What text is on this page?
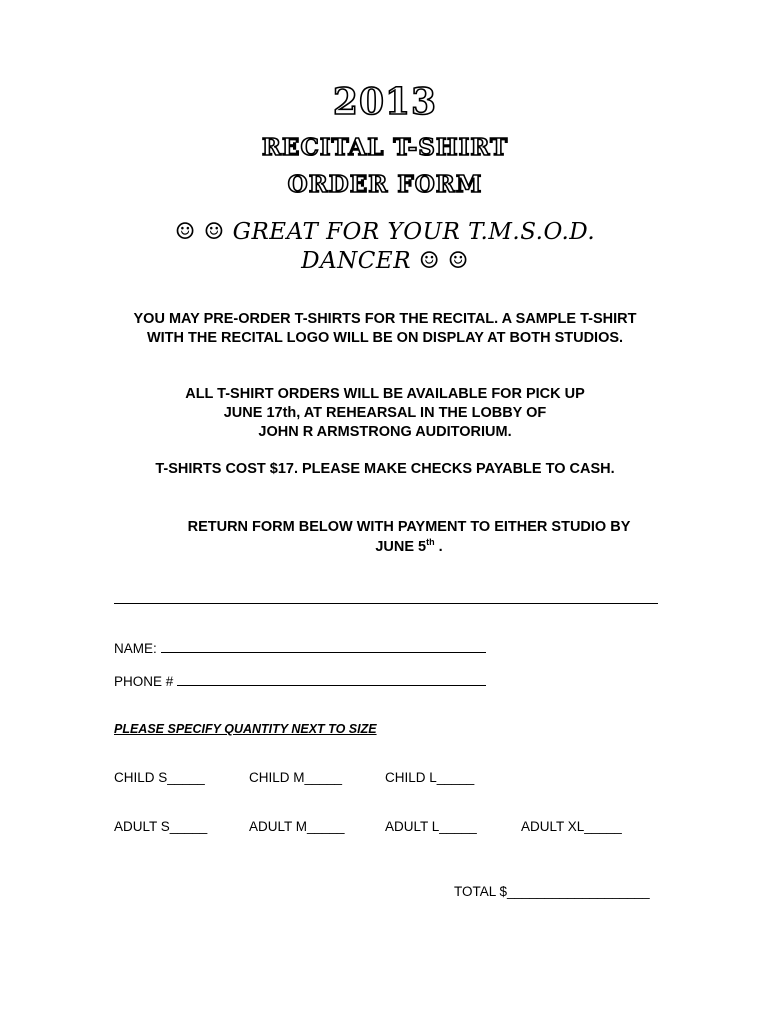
2013
RECITAL T-SHIRT
ORDER FORM
☺ ☺ GREAT FOR YOUR T.M.S.O.D.
DANCER ☺ ☺
YOU MAY PRE-ORDER T-SHIRTS FOR THE RECITAL. A SAMPLE T-SHIRT
WITH THE RECITAL LOGO WILL BE ON DISPLAY AT BOTH STUDIOS.
ALL T-SHIRT ORDERS WILL BE AVAILABLE FOR PICK UP
JUNE 17th, AT REHEARSAL IN THE LOBBY OF
JOHN R ARMSTRONG AUDITORIUM.
T-SHIRTS COST $17. PLEASE MAKE CHECKS PAYABLE TO CASH.
RETURN FORM BELOW WITH PAYMENT TO EITHER STUDIO BY
JUNE 5th .
NAME:
PHONE #
PLEASE SPECIFY QUANTITY NEXT TO SIZE
CHILD S_____	CHILD M_____	CHILD L_____
ADULT S_____	ADULT M_____	ADULT L_____	ADULT XL_____
TOTAL $___________________
